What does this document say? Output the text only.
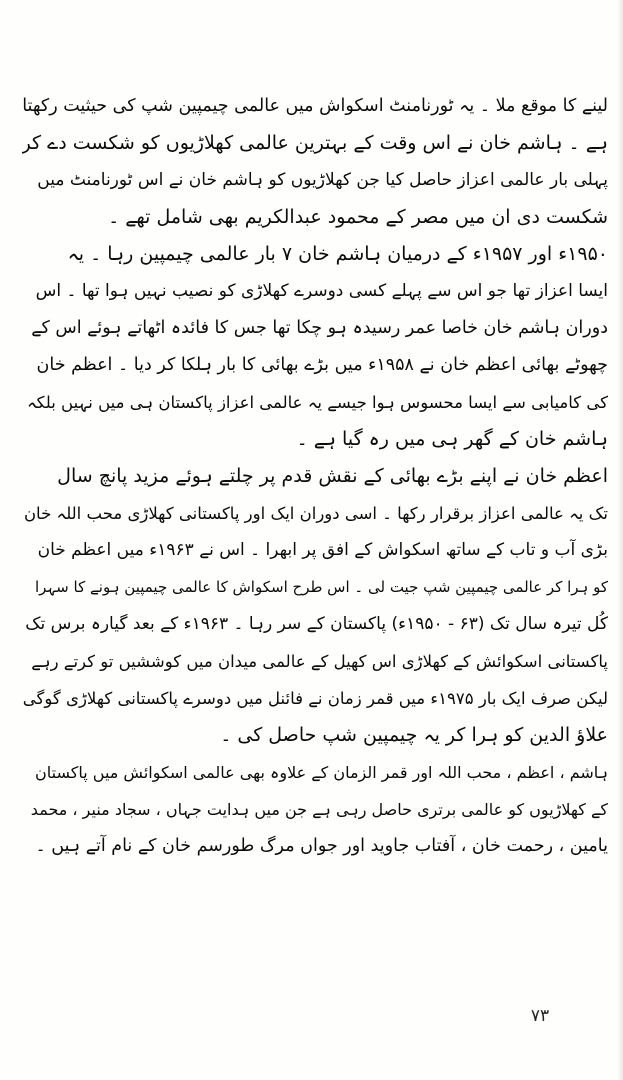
لینے کا موقع ملا ۔ یہ ٹورنامنٹ اسکواش میں عالمی چیمپین شپ کی حیثیت رکھتا
ہے ۔ ہاشم خان نے اس وقت کے بہترین عالمی کھلاڑیوں کو شکست دے کر
پہلی بار عالمی اعزاز حاصل کیا جن کھلاڑیوں کو ہاشم خان نے اس ٹورنامنٹ میں
شکست دی ان میں مصر کے محمود عبدالکریم بھی شامل تھے ۔
۱۹۵۰ء اور ۱۹۵۷ء کے درمیان ہاشم خان ۷ بار عالمی چیمپین رہا ۔ یہ
ایسا اعزاز تھا جو اس سے پہلے کسی دوسرے کھلاڑی کو نصیب نہیں ہوا تھا ۔ اس
دوران ہاشم خان خاصا عمر رسیدہ ہو چکا تھا جس کا فائدہ اٹھاتے ہوئے اس کے
چھوٹے بھائی اعظم خان نے ۱۹۵۸ء میں بڑے بھائی کا بار ہلکا کر دیا ۔ اعظم خان
کی کامیابی سے ایسا محسوس ہوا جیسے یہ عالمی اعزاز پاکستان ہی میں نہیں بلکہ
ہاشم خان کے گھر ہی میں رہ گیا ہے ۔
اعظم خان نے اپنے بڑے بھائی کے نقش قدم پر چلتے ہوئے مزید پانچ سال
تک یہ عالمی اعزاز برقرار رکھا ۔ اسی دوران ایک اور پاکستانی کھلاڑی محب اللہ خان
بڑی آب و تاب کے ساتھ اسکواش کے افق پر ابھرا ۔ اس نے ۱۹۶۳ء میں اعظم خان
کو ہرا کر عالمی چیمپین شپ جیت لی ۔ اس طرح اسکواش کا عالمی چیمپین ہونے کا سہرا
کُل تیرہ سال تک (۶۳ - ۱۹۵۰ء) پاکستان کے سر رہا ۔ ۱۹۶۳ء کے بعد گیارہ برس تک
پاکستانی اسکوائش کے کھلاڑی اس کھیل کے عالمی میدان میں کوششیں تو کرتے رہے
لیکن صرف ایک بار ۱۹۷۵ء میں قمر زمان نے فائنل میں دوسرے پاکستانی کھلاڑی گوگی
علاؤ الدین کو ہرا کر یہ چیمپین شپ حاصل کی ۔
ہاشم ، اعظم ، محب اللہ اور قمر الزمان کے علاوہ بھی عالمی اسکوائش میں پاکستان
کے کھلاڑیوں کو عالمی برتری حاصل رہی ہے جن میں ہدایت جہاں ، سجاد منیر ، محمد
یامین ، رحمت خان ، آفتاب جاوید اور جواں مرگ طورسم خان کے نام آتے ہیں ۔
۷۳
